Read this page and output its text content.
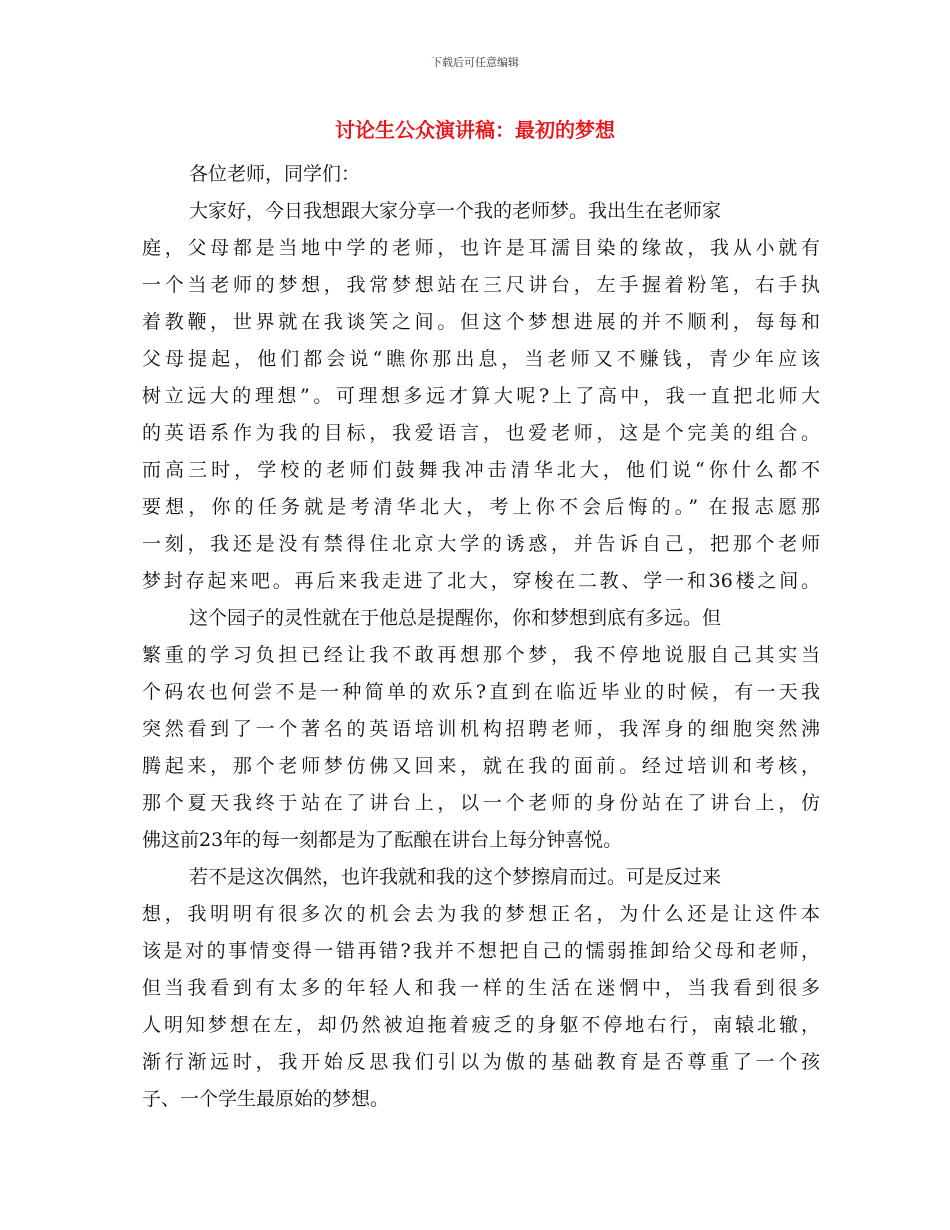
下载后可任意编辑
讨论生公众演讲稿：最初的梦想
各位老师，同学们：
大家好，今日我想跟大家分享一个我的老师梦。我出生在老师家
庭，父母都是当地中学的老师，也许是耳濡目染的缘故，我从小就有
一个当老师的梦想，我常梦想站在三尺讲台，左手握着粉笔，右手执
着教鞭，世界就在我谈笑之间。但这个梦想进展的并不顺利，每每和
父母提起，他们都会说“瞧你那出息，当老师又不赚钱，青少年应该
树立远大的理想”。可理想多远才算大呢?上了高中，我一直把北师大
的英语系作为我的目标，我爱语言，也爱老师，这是个完美的组合。
而高三时，学校的老师们鼓舞我冲击清华北大，他们说“你什么都不
要想，你的任务就是考清华北大，考上你不会后悔的。” 在报志愿那
一刻，我还是没有禁得住北京大学的诱惑，并告诉自己，把那个老师
梦封存起来吧。再后来我走进了北大，穿梭在二教、学一和36楼之间。
这个园子的灵性就在于他总是提醒你，你和梦想到底有多远。但
繁重的学习负担已经让我不敢再想那个梦，我不停地说服自己其实当
个码农也何尝不是一种简单的欢乐?直到在临近毕业的时候，有一天我
突然看到了一个著名的英语培训机构招聘老师，我浑身的细胞突然沸
腾起来，那个老师梦仿佛又回来，就在我的面前。经过培训和考核，
那个夏天我终于站在了讲台上，以一个老师的身份站在了讲台上，仿
佛这前23年的每一刻都是为了酝酿在讲台上每分钟喜悦。
若不是这次偶然，也许我就和我的这个梦擦肩而过。可是反过来
想，我明明有很多次的机会去为我的梦想正名，为什么还是让这件本
该是对的事情变得一错再错?我并不想把自己的懦弱推卸给父母和老师，
但当我看到有太多的年轻人和我一样的生活在迷惘中，当我看到很多
人明知梦想在左，却仍然被迫拖着疲乏的身躯不停地右行，南辕北辙，
渐行渐远时，我开始反思我们引以为傲的基础教育是否尊重了一个孩
子、一个学生最原始的梦想。
